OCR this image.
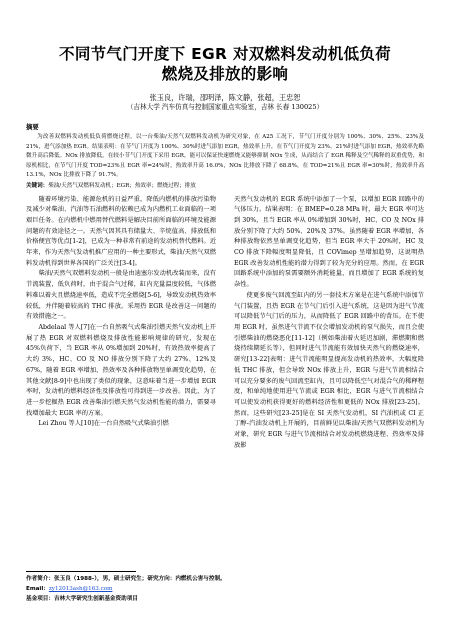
不同节气门开度下 EGR 对双燃料发动机低负荷
燃烧及排放的影响
张玉良，许瑞，邵明泽，陈文静，张超，王忠恕
（吉林大学 汽车仿真与控制国家重点实验室，吉林 长春 130025）
摘要
为改善双燃料发动机低负荷燃烧过程，以一台柴油/天然气双燃料发动机为研究对象，在 A25 工况下，节气门开度分别为 100%、30%、25%、23%及 21%，进气添加热 EGR。结果表明：在节气门开度为 100%、30%时进气添加 EGR，热效率上升，在节气门开度为 23%、21%时进气添加 EGR，热效率先略微升高后降低。NOx 排放降低，在较小节气门开度下采用 EGR，能可以保证快速燃烧又能够抑制 NOx 生成，从而结合了 EGR 稀释及空气稀释的双重优势，和原机相比，在节气门开度 TOD=23%且 EGR 率=24%时，热效率升高 16.0%，NOx 比排放下降了 68.8%，在 TOD=21%且 EGR 率=30%时，热效率升高 13.1%，NOx 比排放下降了 91.7%。
关键词：柴油/天然气双燃料发动机；EGR；热效率；燃烧过程；排放

随着环境污染、能源危机的日益严重，降低内燃机的排放污染物及减少对柴油、汽油等石油燃料的依赖已成为内燃机工业面临的一项艰巨任务。在内燃机中燃用替代燃料是解决目前所面临的环境及能源问题的有效途径之一。天然气因其具有储量大、辛烷值高、排放低和价格便宜等优点[1-2]，已成为一种非常有前途的发动机替代燃料。近年来，作为天然气发动机推广应用的一种主要形式，柴油/天然气双燃料发动机得到世界各国的广泛关注[3-4]。

柴油/天然气双燃料发动机一般是由迪塞尔发动机改装而来，没有节流装置，低负荷时，由于混合气过稀，缸内充量温度较低，气体燃料难以着火且燃烧速率低，造成不完全燃烧[5-6]，导致发动机热效率较低，并伴随着较高的 THC 排放。采用热 EGR 是改善这一问题的有效措施之一。

Abdelaal 等人[7]在一台自然吸气式柴油引燃天然气发动机上开展了热 EGR 对双燃料燃烧及排放性能影响规律的研究，发现在 45%负荷下，当 EGR 率从 0%增加到 20%时，有效热效率提高了大约 3%，HC、CO 及 NO 排放分别下降了大约 27%、12%及 67%，随着 EGR 率增加，热效率及各种排放物呈单调变化趋势，在其他文献[8-9]中也出现了类似的现象，这意味着当进一步增加 EGR 率时，发动机的燃料经济性及排放性可得到进一步改善。因此，为了进一步挖掘热 EGR 改善柴油引燃天然气发动机性能的潜力，需要寻找增加最大 EGR 率的方案。

Lei Zhou 等人[10]在一台自然吸气式柴油引燃

天然气发动机的 EGR 系统中添加了一个泵，以增加 EGR 回路中的气体压力。结果表明：在 BMEP=0.28 MPa 时，最大 EGR 率可达到 30%，且当 EGR 率从 0%增加到 30%时，HC、CO 及 NOx 排放分别下降了大约 50%、20%及 37%。虽然随着 EGR 率增加，各种排放物依然呈单调变化趋势，但当 EGR 率大于 20%时，HC 及 CO 排放下降幅度明显降低，且 COVimep 呈增加趋势，这说明热 EGR 改善发动机性能的潜力得到了较为充分的应用。然而，在 EGR 回路系统中添加的泵需要额外消耗能量，而且增加了 EGR 系统的复杂性。

使更多废气回流至缸内的另一套技术方案是在进气系统中添加节气门装置，且热 EGR 在节气门后引入进气系统，这是因为进气节流可以降低节气门后的压力，从而降低了 EGR 回路中的背压。在不使用 EGR 时，虽然进气节流不仅会增加发动机的泵气损失，而且会使引燃柴油的燃烧恶化[11-12]（例如柴油着火延迟加剧，滞燃期和燃烧持续期延长等），但同时进气节流能有效加快天然气的燃烧速率，研究[13-22]表明：进气节流能明显提高发动机的热效率，大幅度降低 THC 排放，但会导致 NOx 排放上升，EGR 与进气节流相结合可以充分要多的废气回流至缸内，且可以降低空气对混合气的稀释程度，和单纯地使用进气节流或 EGR 相比，EGR 与进气节流相结合可以使发动机获得更好的燃料经济性和更低的 NOx 排放[23-25]。然而，这些研究[23-25]是在 SI 天然气发动机，SI 汽油机或 CI 正丁醇-汽油发动机上开展的，目前鲜见以柴油/天然气双燃料发动机为对象，研究 EGR 与进气节流相结合对发动机燃烧进程、热效率及排放影

作者简介：张玉良（1988-），男，硕士研究生；研究方向：内燃机公害与控制。
Email：zy12013ash@163.com
基金项目：吉林大学研究生创新基金资助项目
